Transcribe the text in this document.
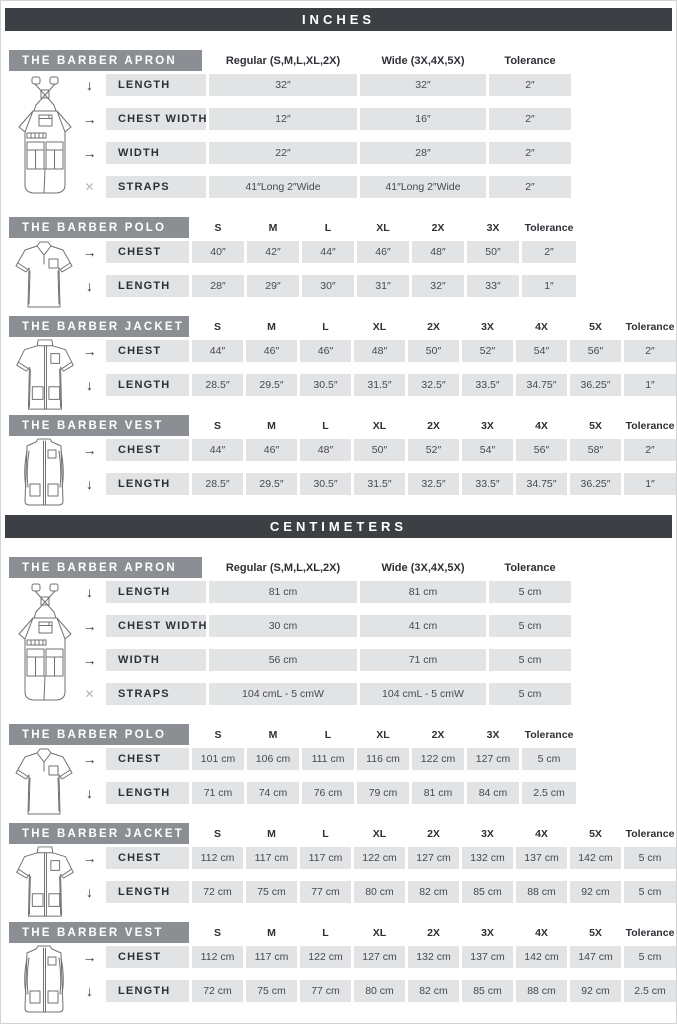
INCHES
THE BARBER APRON	Regular (S,M,L,XL,2X)	Wide (3X,4X,5X)	Tolerance
↓	LENGTH	32″	32″	2″
→	CHEST WIDTH	12″	16″	2″
→	WIDTH	22″	28″	2″
✕	STRAPS	41″Long 2″Wide	41″Long 2″Wide	2″
THE BARBER POLO	S	M	L	XL	2X	3X	Tolerance
→	CHEST	40″	42″	44″	46″	48″	50″	2″
↓	LENGTH	28″	29″	30″	31″	32″	33″	1″
THE BARBER JACKET	S	M	L	XL	2X	3X	4X	5X	Tolerance
→	CHEST	44″	46″	46″	48″	50″	52″	54″	56″	2″
↓	LENGTH	28.5″	29.5″	30.5″	31.5″	32.5″	33.5″	34.75″	36.25″	1″
THE BARBER VEST	S	M	L	XL	2X	3X	4X	5X	Tolerance
→	CHEST	44″	46″	48″	50″	52″	54″	56″	58″	2″
↓	LENGTH	28.5″	29.5″	30.5″	31.5″	32.5″	33.5″	34.75″	36.25″	1″
CENTIMETERS
THE BARBER APRON	Regular (S,M,L,XL,2X)	Wide (3X,4X,5X)	Tolerance
↓	LENGTH	81 cm	81 cm	5 cm
→	CHEST WIDTH	30 cm	41 cm	5 cm
→	WIDTH	56 cm	71 cm	5 cm
✕	STRAPS	104 cmL - 5 cmW	104 cmL - 5 cmW	5 cm
THE BARBER POLO	S	M	L	XL	2X	3X	Tolerance
→	CHEST	101 cm	106 cm	111 cm	116 cm	122 cm	127 cm	5 cm
↓	LENGTH	71 cm	74 cm	76 cm	79 cm	81 cm	84 cm	2.5 cm
THE BARBER JACKET	S	M	L	XL	2X	3X	4X	5X	Tolerance
→	CHEST	112 cm	117 cm	117 cm	122 cm	127 cm	132 cm	137 cm	142 cm	5 cm
↓	LENGTH	72 cm	75 cm	77 cm	80 cm	82 cm	85 cm	88 cm	92 cm	5 cm
THE BARBER VEST	S	M	L	XL	2X	3X	4X	5X	Tolerance
→	CHEST	112 cm	117 cm	122 cm	127 cm	132 cm	137 cm	142 cm	147 cm	5 cm
↓	LENGTH	72 cm	75 cm	77 cm	80 cm	82 cm	85 cm	88 cm	92 cm	2.5 cm
